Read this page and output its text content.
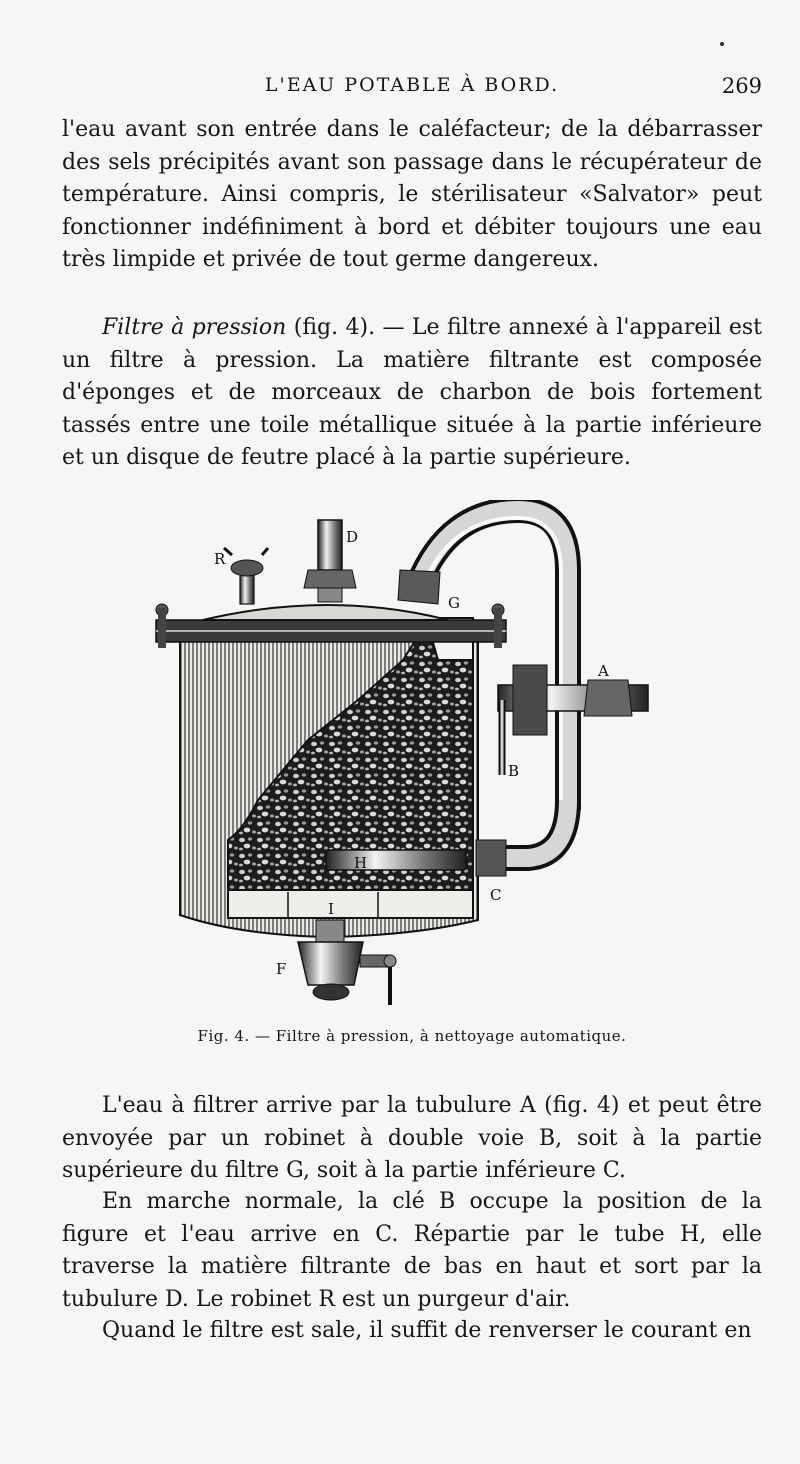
L'EAU POTABLE À BORD.	269

l'eau avant son entrée dans le caléfacteur; de la débarrasser des sels précipités avant son passage dans le récupérateur de température. Ainsi compris, le stérilisateur «Salvator» peut fonctionner indéfiniment à bord et débiter toujours une eau très limpide et privée de tout germe dangereux.

Filtre à pression (fig. 4). — Le filtre annexé à l'appareil est un filtre à pression. La matière filtrante est composée d'éponges et de morceaux de charbon de bois fortement tassés entre une toile métallique située à la partie inférieure et un disque de feutre placé à la partie supérieure.

D
R
G
A
B
C
H
I
F
Fig. 4. — Filtre à pression, à nettoyage automatique.

L'eau à filtrer arrive par la tubulure A (fig. 4) et peut être envoyée par un robinet à double voie B, soit à la partie supérieure du filtre G, soit à la partie inférieure C.

En marche normale, la clé B occupe la position de la figure et l'eau arrive en C. Répartie par le tube H, elle traverse la matière filtrante de bas en haut et sort par la tubulure D. Le robinet R est un purgeur d'air.

Quand le filtre est sale, il suffit de renverser le courant en
